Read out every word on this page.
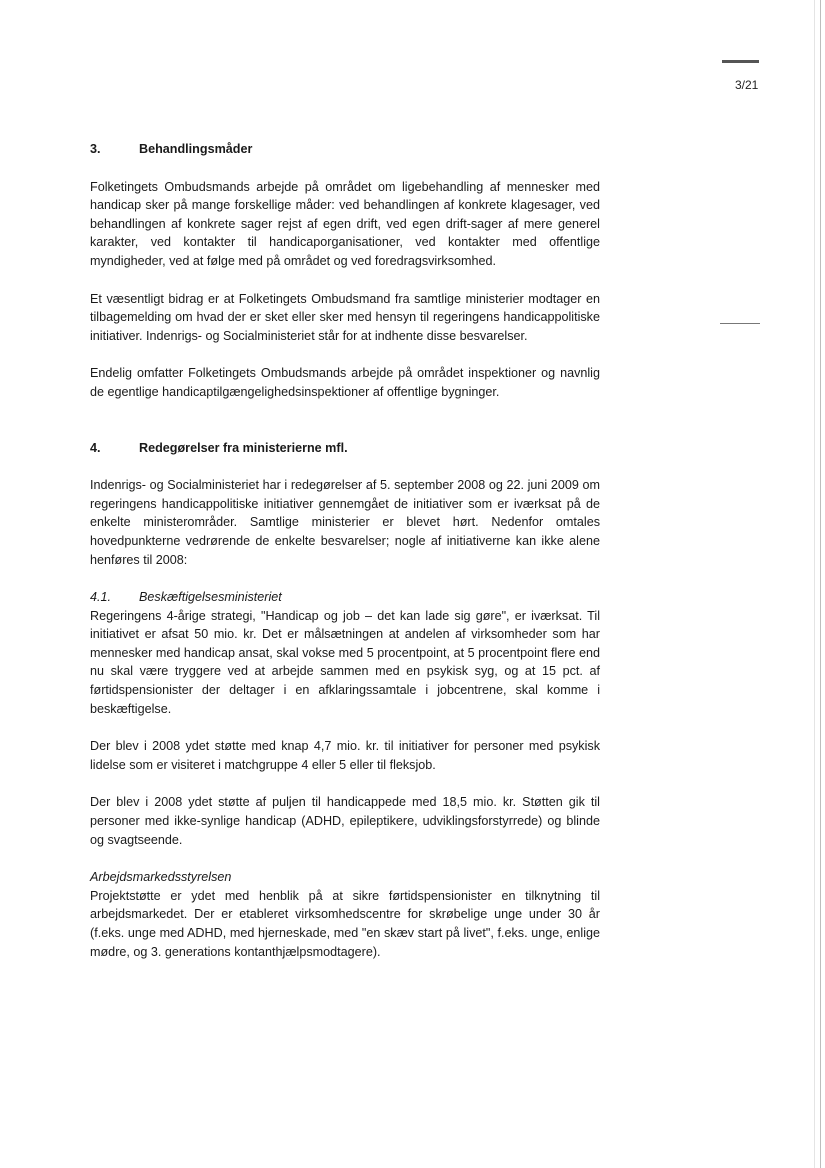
3/21
3.	Behandlingsmåder

Folketingets Ombudsmands arbejde på området om ligebehandling af mennesker med handicap sker på mange forskellige måder: ved behandlingen af konkrete klagesager, ved behandlingen af konkrete sager rejst af egen drift, ved egen drift-sager af mere generel karakter, ved kontakter til handicaporganisationer, ved kontakter med offentlige myndigheder, ved at følge med på området og ved foredragsvirksomhed.

Et væsentligt bidrag er at Folketingets Ombudsmand fra samtlige ministerier modtager en tilbagemelding om hvad der er sket eller sker med hensyn til regeringens handicappolitiske initiativer. Indenrigs- og Socialministeriet står for at indhente disse besvarelser.

Endelig omfatter Folketingets Ombudsmands arbejde på området inspektioner og navnlig de egentlige handicaptilgængelighedsinspektioner af offentlige bygninger.

4.	Redegørelser fra ministerierne mfl.

Indenrigs- og Socialministeriet har i redegørelser af 5. september 2008 og 22. juni 2009 om regeringens handicappolitiske initiativer gennemgået de initiativer som er iværksat på de enkelte ministerområder. Samtlige ministerier er blevet hørt. Nedenfor omtales hovedpunkterne vedrørende de enkelte besvarelser; nogle af initiativerne kan ikke alene henføres til 2008:

4.1.	Beskæftigelsesministeriet

Regeringens 4-årige strategi, "Handicap og job – det kan lade sig gøre", er iværksat. Til initiativet er afsat 50 mio. kr. Det er målsætningen at andelen af virksomheder som har mennesker med handicap ansat, skal vokse med 5 procentpoint, at 5 procentpoint flere end nu skal være tryggere ved at arbejde sammen med en psykisk syg, og at 15 pct. af førtidspensionister der deltager i en afklaringssamtale i jobcentrene, skal komme i beskæftigelse.

Der blev i 2008 ydet støtte med knap 4,7 mio. kr. til initiativer for personer med psykisk lidelse som er visiteret i matchgruppe 4 eller 5 eller til fleksjob.

Der blev i 2008 ydet støtte af puljen til handicappede med 18,5 mio. kr. Støtten gik til personer med ikke-synlige handicap (ADHD, epileptikere, udviklingsforstyrrede) og blinde og svagtseende.

Arbejdsmarkedsstyrelsen

Projektstøtte er ydet med henblik på at sikre førtidspensionister en tilknytning til arbejdsmarkedet. Der er etableret virksomhedscentre for skrøbelige unge under 30 år (f.eks. unge med ADHD, med hjerneskade, med "en skæv start på livet", f.eks. unge, enlige mødre, og 3. generations kontanthjælpsmodtagere).
